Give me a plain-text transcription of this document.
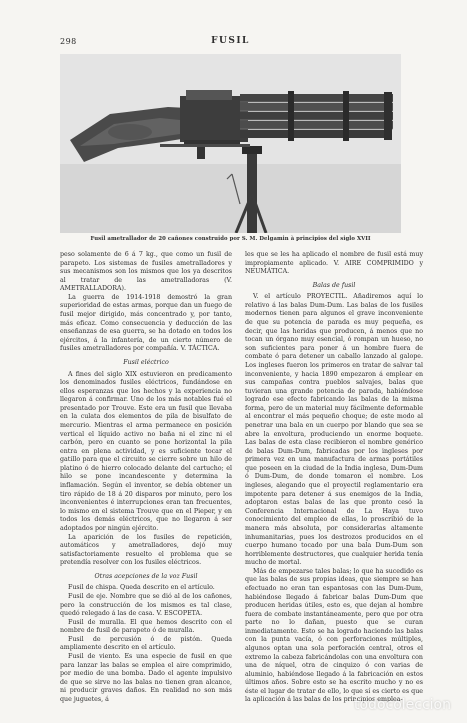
298	FUSIL
Fusil ametrallador de 20 cañones construido por S. M. Delgamin à principios del siglo XVII

peso solamente de 6 á 7 kg., que como un fusil de parapeto. Los sistemas de fusiles ametralladores y sus mecanismos son los mismos que los ya descritos al tratar de las ametralladoras (V. AMETRALLADORA).

La guerra de 1914-1918 demostró la gran superioridad de estas armas, porque dan un fuego de fusil mejor dirigido, más concentrado y, por tanto, más eficaz. Como consecuencia y deducción de las enseñanzas de esa guerra, se ha dotado en todos los ejércitos, á la infantería, de un cierto número de fusiles ametralladores por compañía. V. TÁCTICA.

Fusil eléctrico

A fines del siglo XIX estuvieron en predicamento los denominados fusiles eléctricos, fundándose en ellos esperanzas que los hechos y la experiencia no llegaron á confirmar. Uno de los más notables fué el presentado por Trouve. Este era un fusil que llevaba en la culata dos elementos de pila de bisulfato de mercurio. Mientras el arma permanece en posición vertical el líquido activo no baña ni el zinc ni el carbón, pero en cuanto se pone horizontal la pila entra en plena actividad, y es suficiente tocar el gatillo para que el circuito se cierre sobre un hilo de platino ó de hierro colocado delante del cartucho; el hilo se pone incandescente y determina la inflamación. Según el inventor, se debía obtener un tiro rápido de 18 á 20 disparos por minuto, pero los inconvenientes é interrupciones eran tan frecuentes, lo mismo en el sistema Trouve que en el Pieper, y en todos los demás eléctricos, que no llegaron á ser adoptados por ningún ejército.

La aparición de los fusiles de repetición, automáticos y ametralladores, dejó muy satisfactoriamente resuelto el problema que se pretendía resolver con los fusiles eléctricos.

Otras acepciones de la voz Fusil

Fusil de chispa. Queda descrito en el artículo.

Fusil de eje. Nombre que se dió al de los cañones, pero la construcción de los mismos es tal clase, quedó relegado á las de casa. V. ESCOPETA.

Fusil de muralla. El que hemos descrito con el nombre de fusil de parapeto ó de muralla.

Fusil de percusión ó de pistón. Queda ampliamente descrito en el artículo.

Fusil de viento. Es una especie de fusil en que para lanzar las balas se emplea el aire comprimido, por medio de una bomba. Dado el agente impulsivo de que se sirve no las balas no tienen gran alcance, ni producir graves daños. En realidad no son más que juguetes, á

les que se les ha aplicado el nombre de fusil está muy impropiamente aplicado. V. AIRE COMPRIMIDO y NEUMÁTICA.

Balas de fusil

V. el artículo PROYECTIL. Añadiremos aquí lo relativo á las balas Dum-Dum. Las balas de los fusiles modernos tienen para algunos el grave inconveniente de que su potencia de parada es muy pequeña, es decir, que las heridas que producen, á menos que no tocan un órgano muy esencial, ó rompan un hueso, no son suficientes para poner á un hombre fuera de combate ó para detener un caballo lanzado al galope. Los ingleses fueron los primeros en tratar de salvar tal inconveniente, y hacia 1890 empezaron á emplear en sus campañas contra pueblos salvajes, balas que tuvieran una grande potencia de parada, habiéndose logrado ese efecto fabricando las balas de la misma forma, pero de un material muy fácilmente deformable al encontrar el más pequeño choque; de este modo al penetrar una bala en un cuerpo por blando que sea se abre la envoltura, produciendo un enorme boquete. Las balas de esta clase recibieron el nombre genérico de balas Dum-Dum, fabricadas por los ingleses por primera vez en una manufactura de armas portátiles que poseen en la ciudad de la India inglesa, Dum-Dum ó Dum-Dum, de donde tomaron el nombre. Los ingleses, alegando que el proyectil reglamentario era impotente para detener á sus enemigos de la India, adoptaron estas balas de las que pronto cesó la Conferencia Internacional de La Haya tuvo conocimiento del empleo de ellas, lo proscribió de la manera más absoluta, por considerarlas altamente inhumanitarias, pues los destrozos producidos en el cuerpo humano tocado por una bala Dum-Dum son horriblemente destructores, que cualquier herida tenía mucho de mortal.

Más de empezarse tales balas; lo que ha sucedido es que las balas de sus propias ideas, que siempre se han efectuado no eran tan espantosas con las Dum-Dum, habiéndose llegado á fabricar balas Dum-Dum que producen heridas útiles, esto es, que dejan al hombre fuera de combate instantáneamente, pero que por otra parte no lo dañan, puesto que se curan inmediatamente. Esto se ha logrado haciendo las balas con la punta vacía, ó con perforaciones múltiples, algunos optan una sola perforación central, otros el extremo la cabeza fabricándolas con una envoltura con una de níquel, otra de cinquizo ó con varias de aluminio, habiéndose llegado á la fabricación en estos últimos años. Sobre esto se ha escrito mucho y no es éste el lugar de tratar de ello, lo que sí es cierto es que la aplicación á las balas de los principios emplea-

todocoleccion
